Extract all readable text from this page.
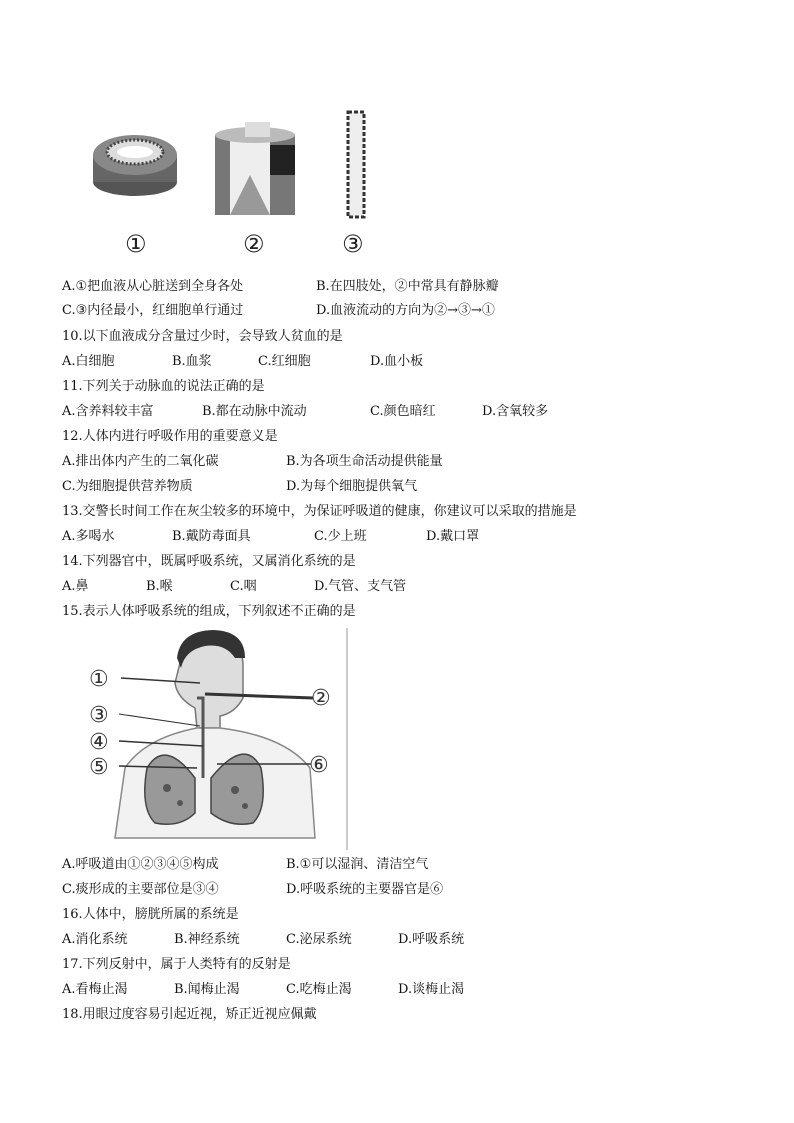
①	②	③
A.①把血液从心脏送到全身各处	B.在四肢处，②中常具有静脉瓣
C.③内径最小，红细胞单行通过	D.血液流动的方向为②→③→①
10.以下血液成分含量过少时，会导致人贫血的是
A.白细胞	B.血浆	C.红细胞	D.血小板
11.下列关于动脉血的说法正确的是
A.含养料较丰富	B.都在动脉中流动	C.颜色暗红	D.含氧较多
12.人体内进行呼吸作用的重要意义是
A.排出体内产生的二氧化碳	B.为各项生命活动提供能量
C.为细胞提供营养物质	D.为每个细胞提供氧气
13.交警长时间工作在灰尘较多的环境中，为保证呼吸道的健康，你建议可以采取的措施是
A.多喝水	B.戴防毒面具	C.少上班	D.戴口罩
14.下列器官中，既属呼吸系统，又属消化系统的是
A.鼻	B.喉	C.咽	D.气管、支气管
15.表示人体呼吸系统的组成，下列叙述不正确的是
①
②
③
④
⑤	⑥
A.呼吸道由①②③④⑤构成	B.①可以湿润、清洁空气
C.痰形成的主要部位是③④	D.呼吸系统的主要器官是⑥
16.人体中，膀胱所属的系统是
A.消化系统	B.神经系统	C.泌尿系统	D.呼吸系统
17.下列反射中，属于人类特有的反射是
A.看梅止渴	B.闻梅止渴	C.吃梅止渴	D.谈梅止渴
18.用眼过度容易引起近视，矫正近视应佩戴
